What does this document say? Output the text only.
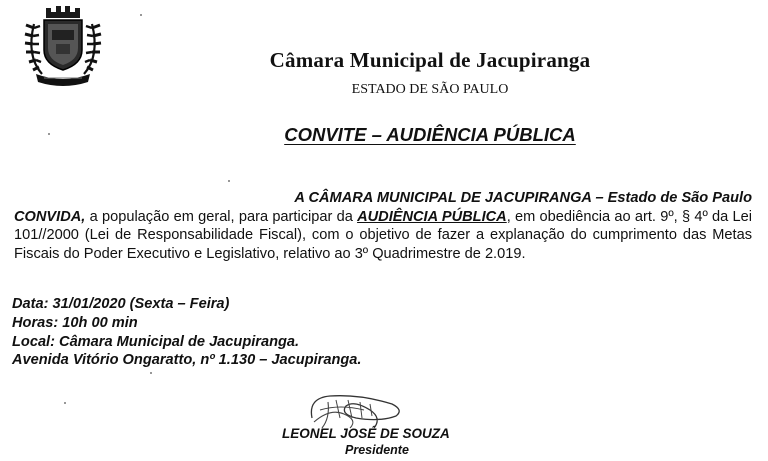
Câmara Municipal de Jacupiranga
ESTADO DE SÃO PAULO
CONVITE – AUDIÊNCIA PÚBLICA
A CÂMARA MUNICIPAL DE JACUPIRANGA – Estado de São Paulo
CONVIDA, a população em geral, para participar da AUDIÊNCIA PÚBLICA, em obediência ao art. 9º, § 4º da Lei 101//2000 (Lei de Responsabilidade Fiscal), com o objetivo de fazer a explanação do cumprimento das Metas Fiscais do Poder Executivo e Legislativo, relativo ao 3º Quadrimestre de 2.019.
Data: 31/01/2020 (Sexta – Feira)
Horas: 10h 00 min
Local: Câmara Municipal de Jacupiranga.
Avenida Vitório Ongaratto, nº 1.130 – Jacupiranga.
LEONEL JOSÉ DE SOUZA
Presidente
